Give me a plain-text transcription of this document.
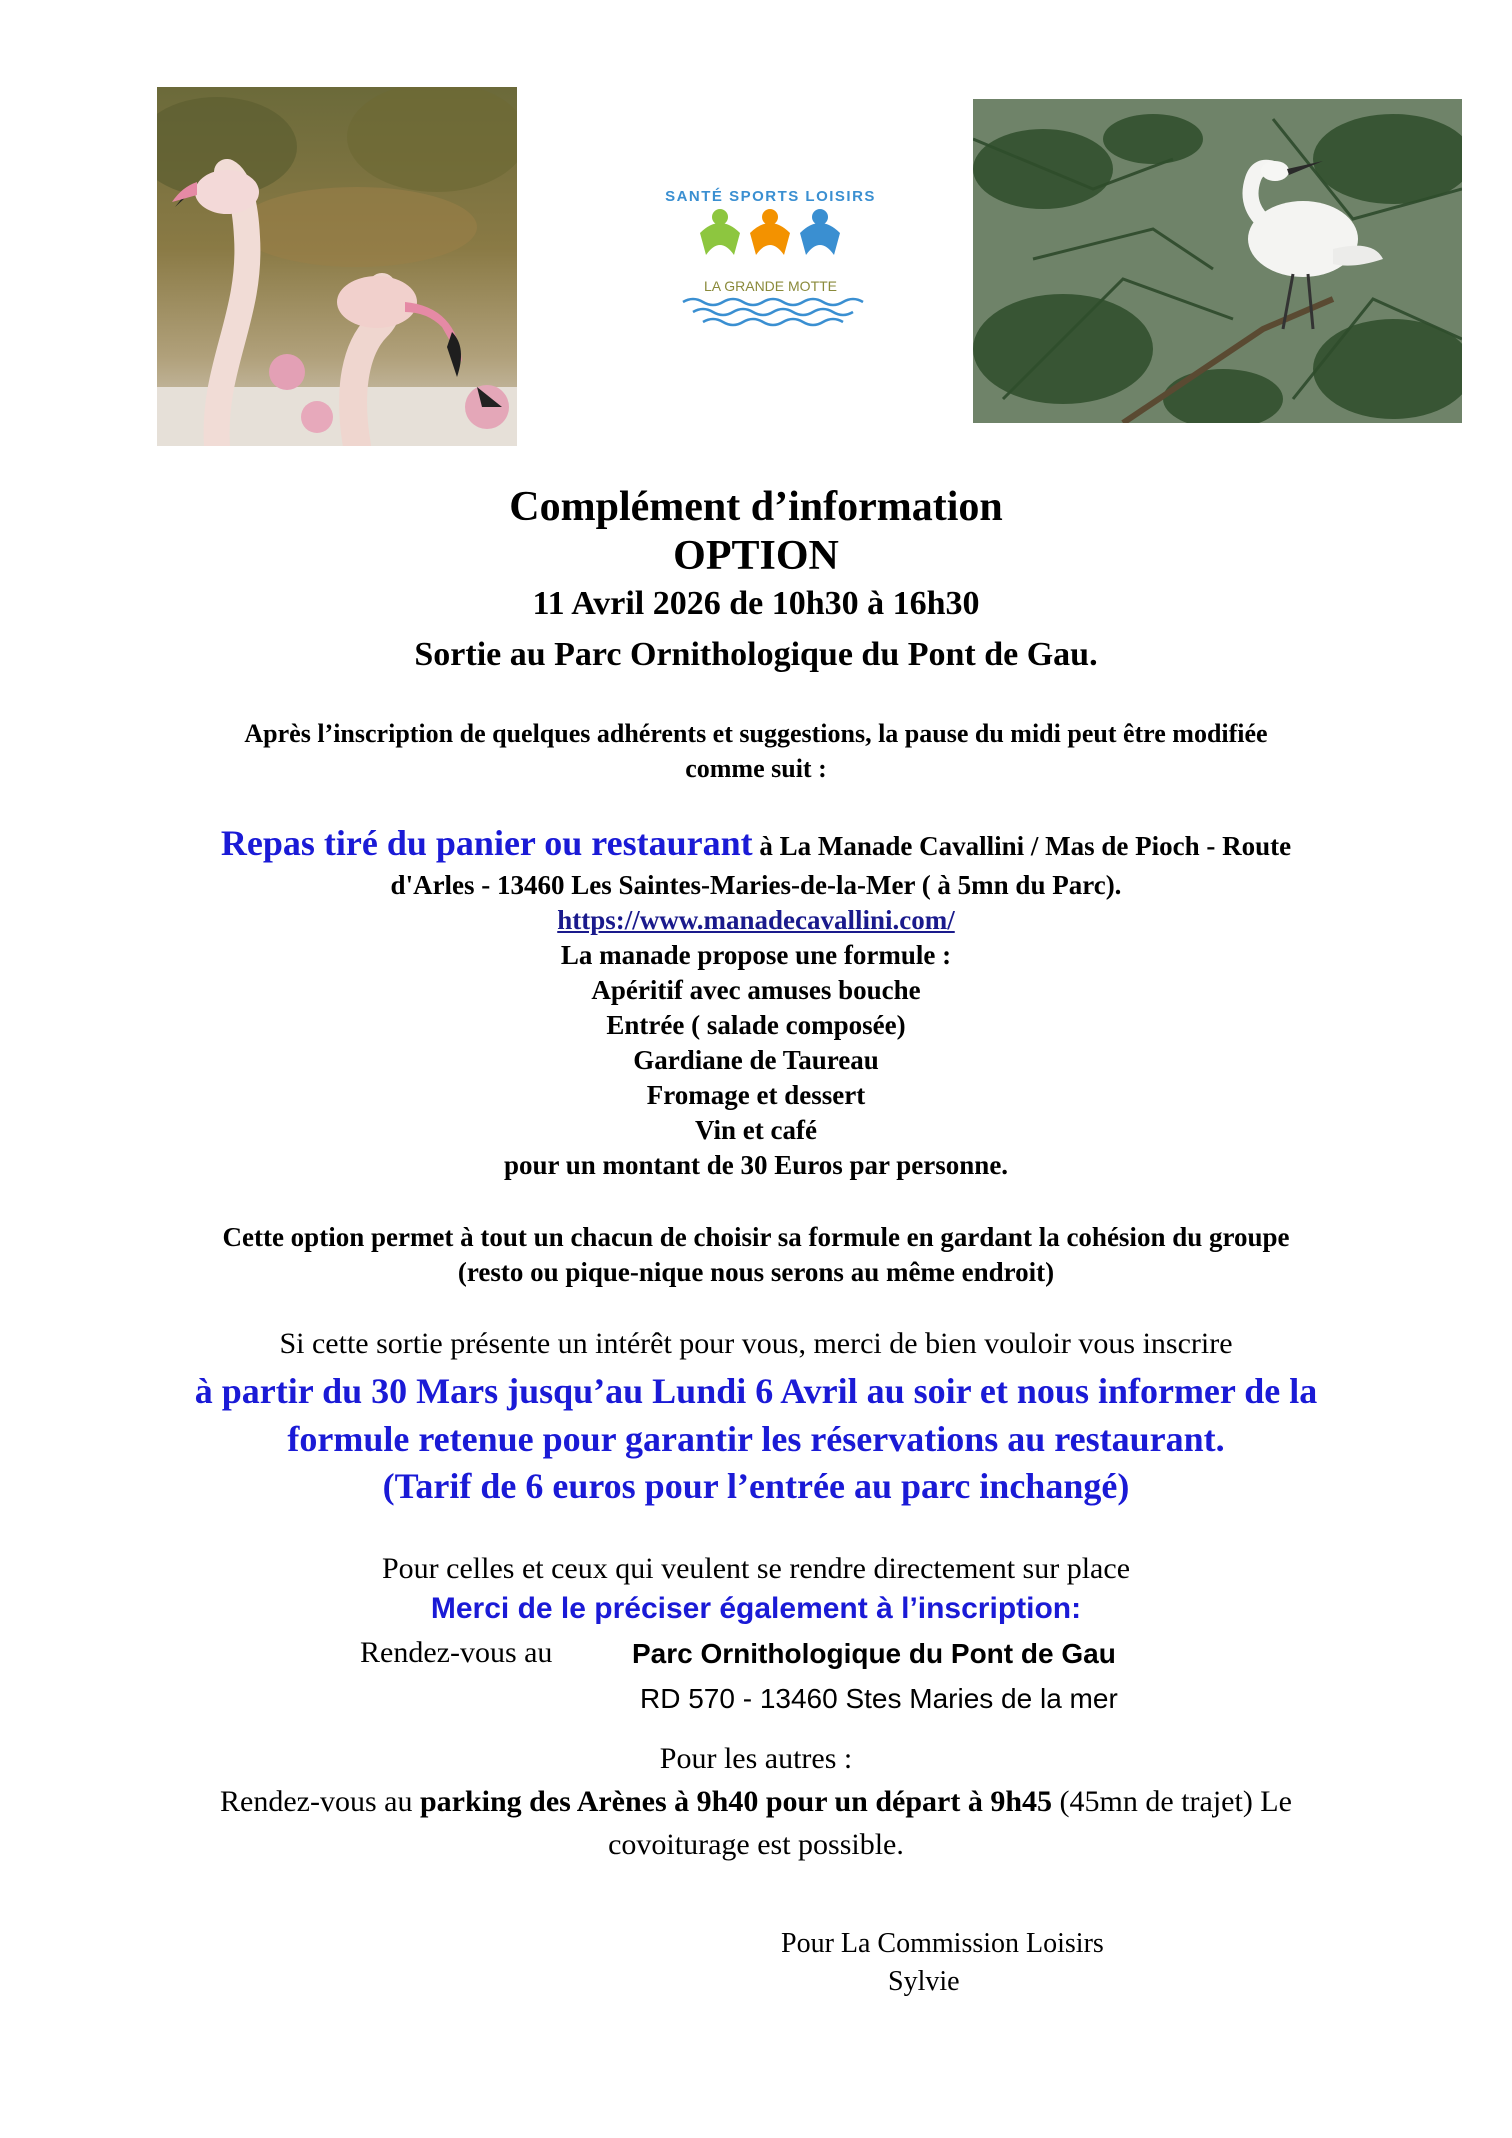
SANTÉ SPORTS LOISIRS
LA GRANDE MOTTE
Complément d’information
OPTION
11 Avril 2026 de 10h30 à 16h30
Sortie au Parc Ornithologique du Pont de Gau.
Après l’inscription de quelques adhérents et suggestions, la pause du midi peut être modifiée
comme suit :
Repas tiré du panier ou restaurant à La Manade Cavallini / Mas de Pioch - Route
d'Arles - 13460 Les Saintes-Maries-de-la-Mer ( à 5mn du Parc).
https://www.manadecavallini.com/
La manade propose une formule :
Apéritif avec amuses bouche
Entrée ( salade composée)
Gardiane de Taureau
Fromage et dessert
Vin et café
pour un montant de 30 Euros par personne.
Cette option permet à tout un chacun de choisir sa formule en gardant la cohésion du groupe
(resto ou pique-nique nous serons au même endroit)
Si cette sortie présente un intérêt pour vous, merci de bien vouloir vous inscrire
à partir du 30 Mars jusqu’au Lundi 6 Avril au soir et nous informer de la
formule retenue pour garantir les réservations au restaurant.
(Tarif de 6 euros pour l’entrée au parc inchangé)
Pour celles et ceux qui veulent se rendre directement sur place
Merci de le préciser également à l’inscription:
Rendez-vous au	Parc Ornithologique du Pont de Gau
RD 570 - 13460 Stes Maries de la mer
Pour les autres :
Rendez-vous au parking des Arènes à 9h40 pour un départ à 9h45 (45mn de trajet) Le
covoiturage est possible.
Pour La Commission Loisirs
Sylvie
